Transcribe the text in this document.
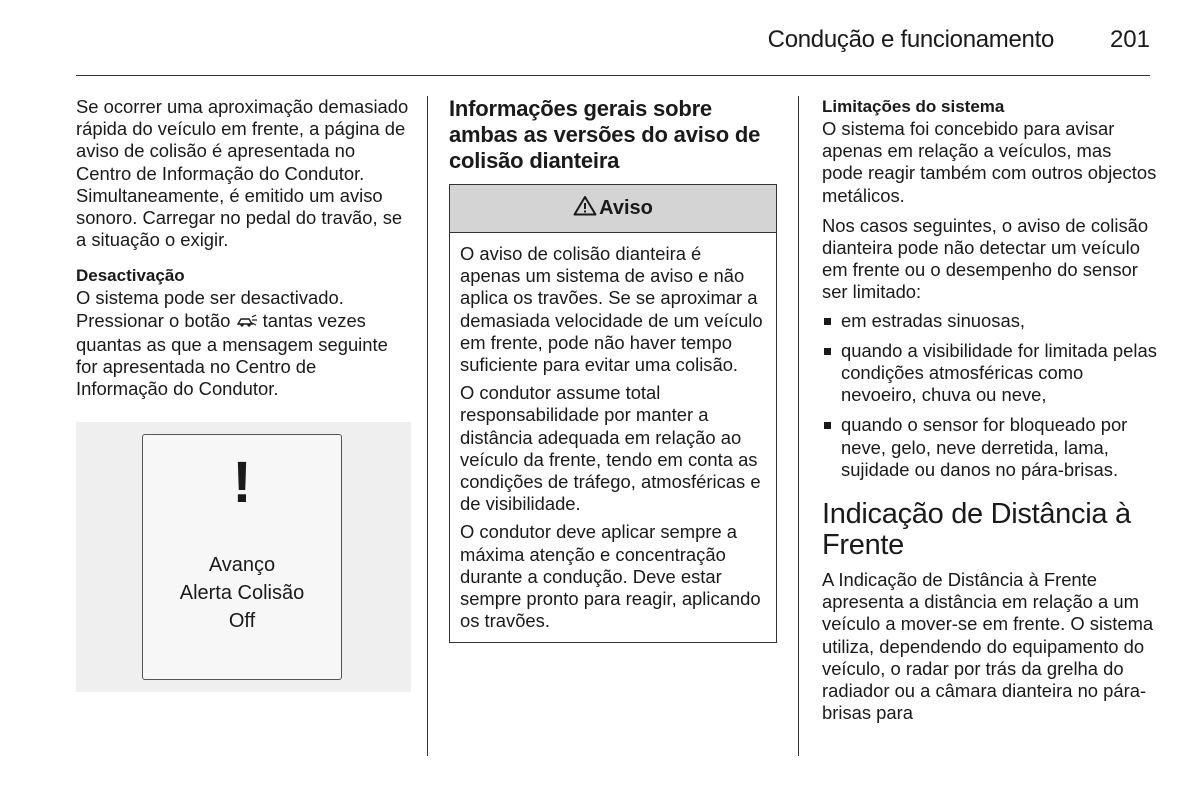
Condução e funcionamento 201

Se ocorrer uma aproximação demasiado rápida do veículo em frente, a página de aviso de colisão é apresentada no Centro de Informação do Condutor. Simultaneamente, é emitido um aviso sonoro. Carregar no pedal do travão, se a situação o exigir.

Desactivação

O sistema pode ser desactivado. Pressionar o botão tantas vezes quantas as que a mensagem seguinte for apresentada no Centro de Informação do Condutor.

!
Avanço
Alerta Colisão
Off
Informações gerais sobre ambas as versões do aviso de colisão dianteira
Aviso

O aviso de colisão dianteira é apenas um sistema de aviso e não aplica os travões. Se se aproximar a demasiada velocidade de um veículo em frente, pode não haver tempo suficiente para evitar uma colisão.

O condutor assume total responsabilidade por manter a distância adequada em relação ao veículo da frente, tendo em conta as condições de tráfego, atmosféricas e de visibilidade.

O condutor deve aplicar sempre a máxima atenção e concentração durante a condução. Deve estar sempre pronto para reagir, aplicando os travões.

Limitações do sistema

O sistema foi concebido para avisar apenas em relação a veículos, mas pode reagir também com outros objectos metálicos.

Nos casos seguintes, o aviso de colisão dianteira pode não detectar um veículo em frente ou o desempenho do sensor ser limitado:

em estradas sinuosas,
quando a visibilidade for limitada pelas condições atmosféricas como nevoeiro, chuva ou neve,
quando o sensor for bloqueado por neve, gelo, neve derretida, lama, sujidade ou danos no pára-brisas.
Indicação de Distância à Frente

A Indicação de Distância à Frente apresenta a distância em relação a um veículo a mover-se em frente. O sistema utiliza, dependendo do equipamento do veículo, o radar por trás da grelha do radiador ou a câmara dianteira no pára-brisas para
